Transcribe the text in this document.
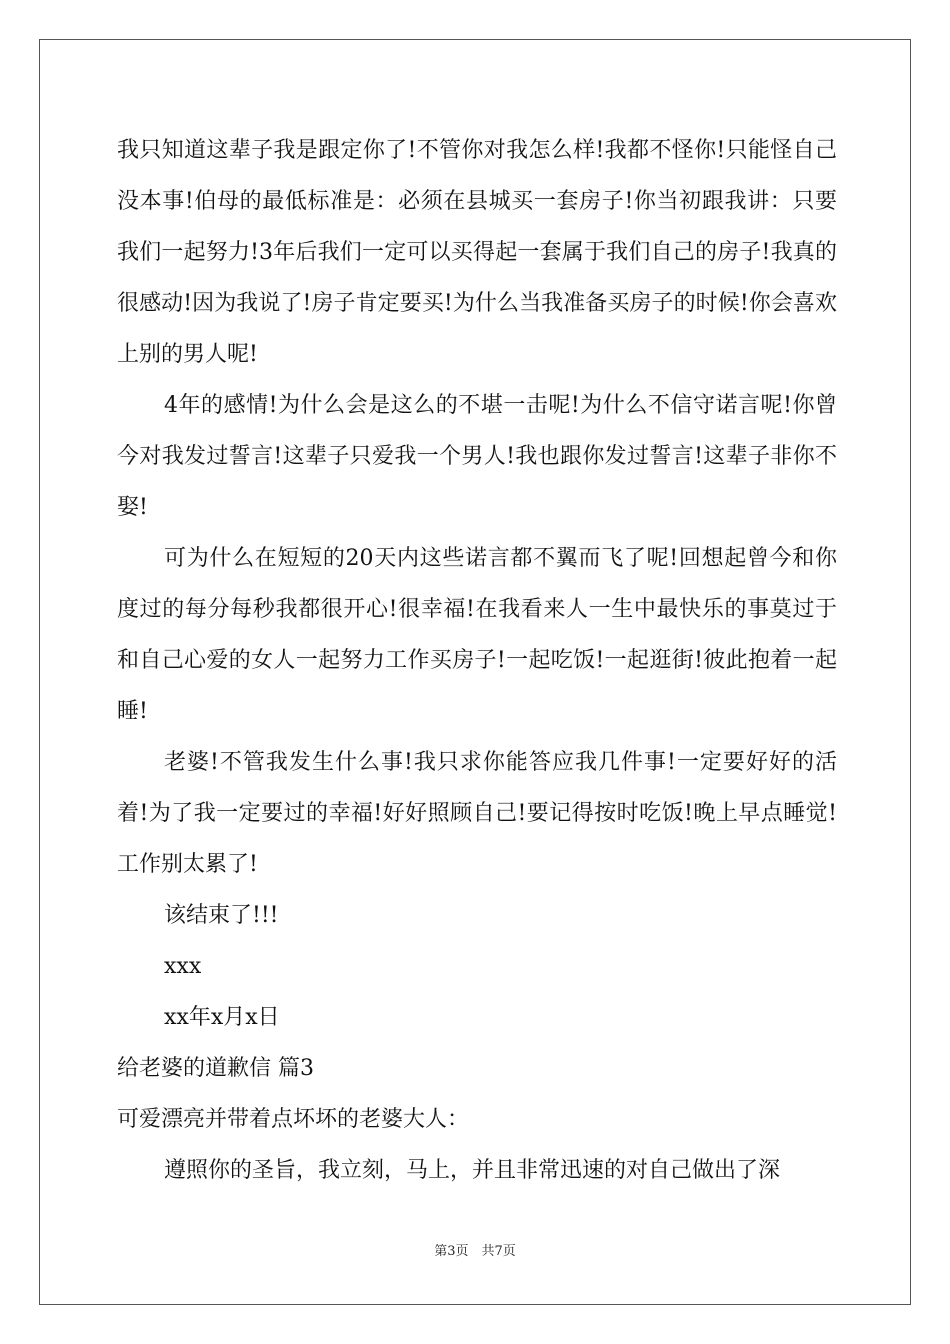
我只知道这辈子我是跟定你了!不管你对我怎么样!我都不怪你!只能怪自己没本事!伯母的最低标准是：必须在县城买一套房子!你当初跟我讲：只要我们一起努力!3年后我们一定可以买得起一套属于我们自己的房子!我真的很感动!因为我说了!房子肯定要买!为什么当我准备买房子的时候!你会喜欢上别的男人呢!

4年的感情!为什么会是这么的不堪一击呢!为什么不信守诺言呢!你曾今对我发过誓言!这辈子只爱我一个男人!我也跟你发过誓言!这辈子非你不娶!

可为什么在短短的20天内这些诺言都不翼而飞了呢!回想起曾今和你度过的每分每秒我都很开心!很幸福!在我看来人一生中最快乐的事莫过于和自己心爱的女人一起努力工作买房子!一起吃饭!一起逛街!彼此抱着一起睡!

老婆!不管我发生什么事!我只求你能答应我几件事!一定要好好的活着!为了我一定要过的幸福!好好照顾自己!要记得按时吃饭!晚上早点睡觉!工作别太累了!

该结束了!!!

xxx

xx年x月x日

给老婆的道歉信 篇3

可爱漂亮并带着点坏坏的老婆大人：

遵照你的圣旨，我立刻，马上，并且非常迅速的对自己做出了深

第3页　共7页
